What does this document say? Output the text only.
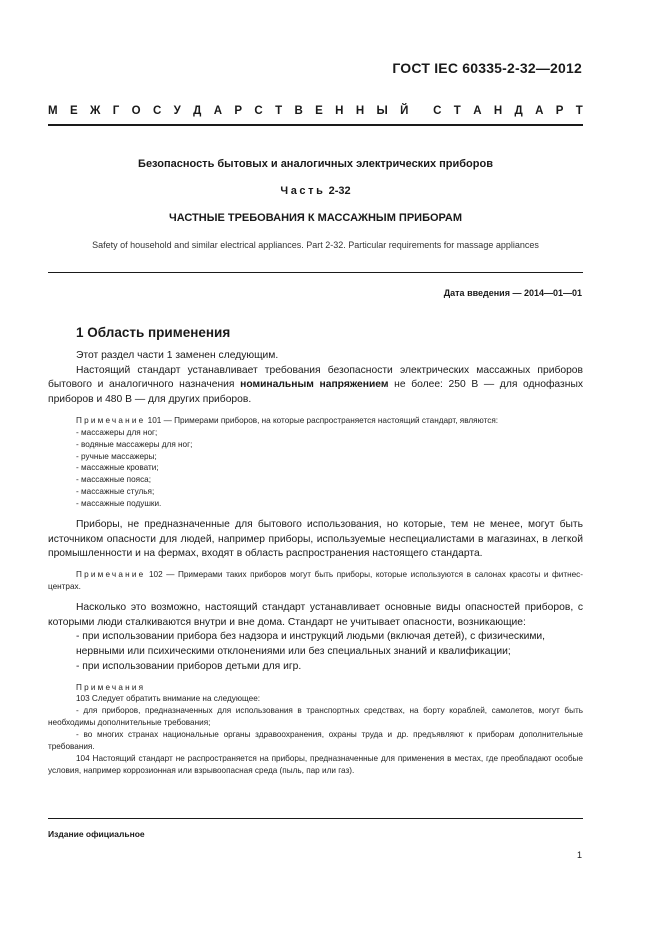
ГОСТ IEC 60335-2-32—2012
М Е Ж Г О С У Д А Р С Т В Е Н Н Ы Й С Т А Н Д А Р Т
Безопасность бытовых и аналогичных электрических приборов
Часть 2-32
ЧАСТНЫЕ ТРЕБОВАНИЯ К МАССАЖНЫМ ПРИБОРАМ
Safety of household and similar electrical appliances. Part 2-32. Particular requirements for massage appliances
Дата введения — 2014—01—01
1 Область применения

Этот раздел части 1 заменен следующим.

Настоящий стандарт устанавливает требования безопасности электрических массажных приборов бытового и аналогичного назначения номинальным напряжением не более: 250 В — для однофазных приборов и 480 В — для других приборов.

Примечание 101 — Примерами приборов, на которые распространяется настоящий стандарт, являются:

- массажеры для ног;
- водяные массажеры для ног;
- ручные массажеры;
- массажные кровати;
- массажные пояса;
- массажные стулья;
- массажные подушки.

Приборы, не предназначенные для бытового использования, но которые, тем не менее, могут быть источником опасности для людей, например приборы, используемые неспециалистами в магазинах, в легкой промышленности и на фермах, входят в область распространения настоящего стандарта.

Примечание 102 — Примерами таких приборов могут быть приборы, которые используются в салонах красоты и фитнес-центрах.

Насколько это возможно, настоящий стандарт устанавливает основные виды опасностей приборов, с которыми люди сталкиваются внутри и вне дома. Стандарт не учитывает опасности, возникающие:

- при использовании прибора без надзора и инструкций людьми (включая детей), с физическими, нервными или психическими отклонениями или без специальных знаний и квалификации;
- при использовании приборов детьми для игр.

Примечания

103 Следует обратить внимание на следующее:

- для приборов, предназначенных для использования в транспортных средствах, на борту кораблей, самолетов, могут быть необходимы дополнительные требования;

- во многих странах национальные органы здравоохранения, охраны труда и др. предъявляют к приборам дополнительные требования.

104 Настоящий стандарт не распространяется на приборы, предназначенные для применения в местах, где преобладают особые условия, например коррозионная или взрывоопасная среда (пыль, пар или газ).

Издание официальное
1
